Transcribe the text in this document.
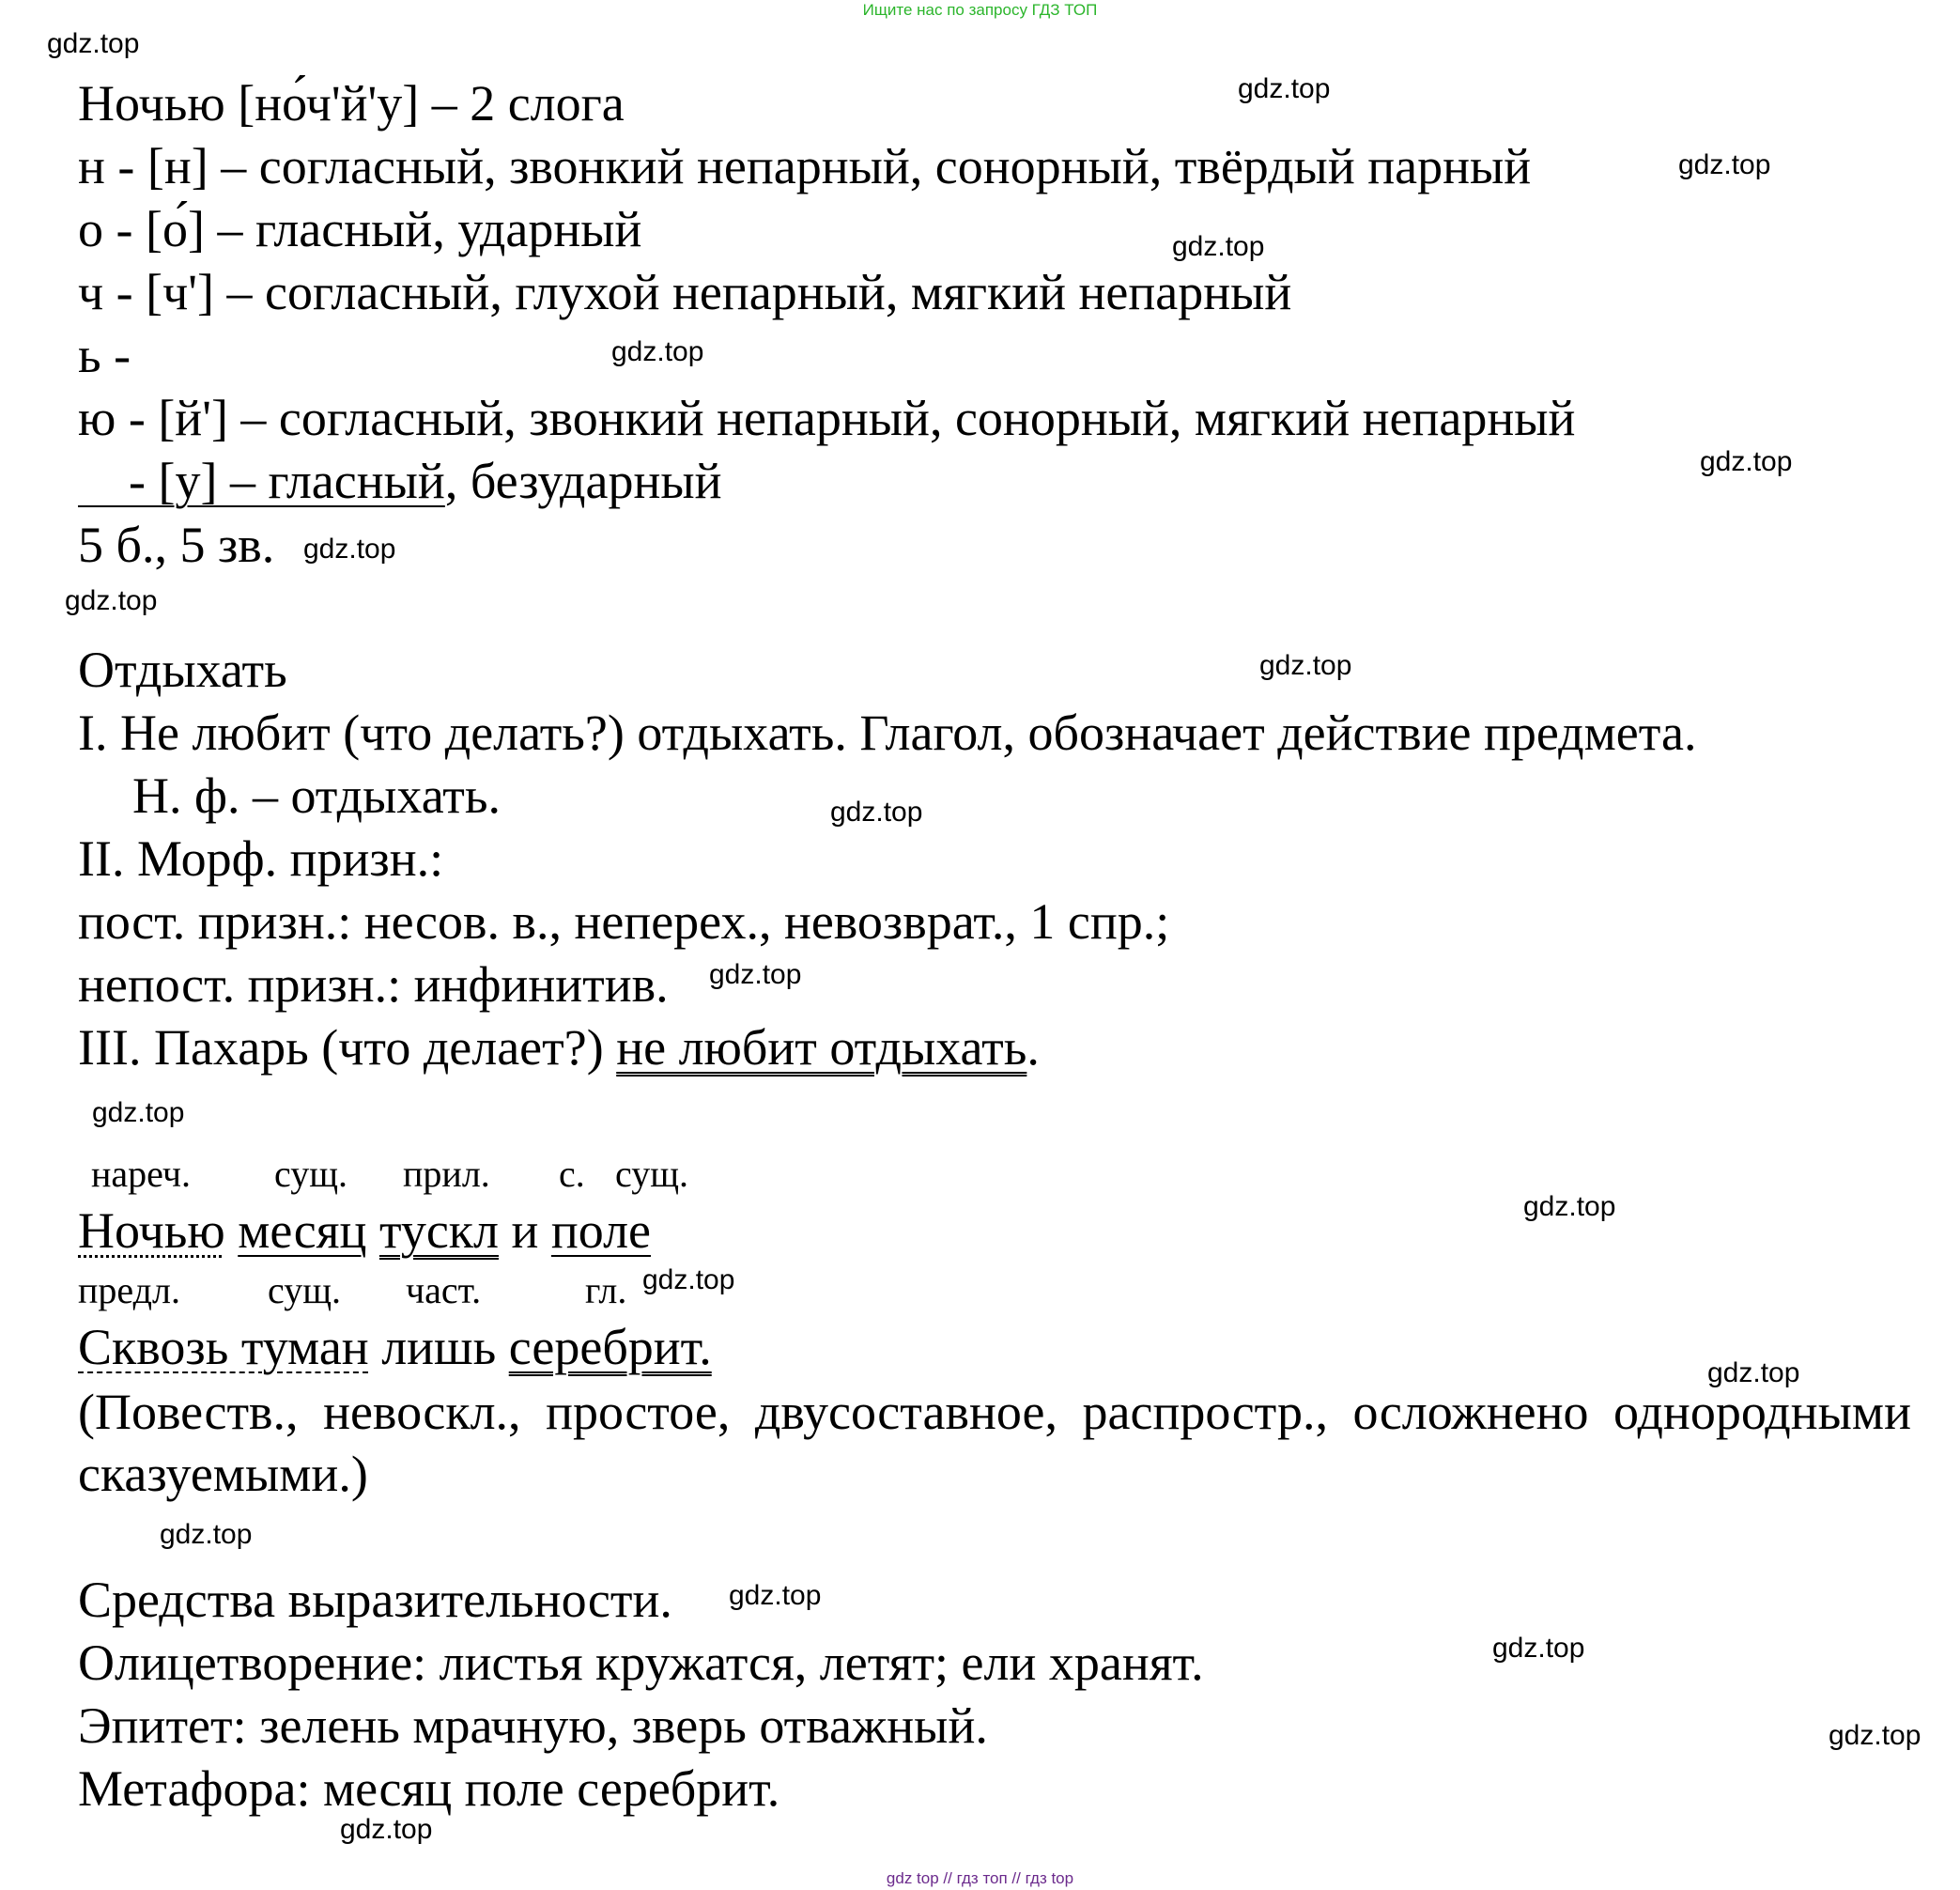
Ищите нас по запросу ГДЗ ТОП
Ночью [но́ч'й'у] – 2 слога
н - [н] – согласный, звонкий непарный, сонорный, твёрдый парный
о - [о́] – гласный, ударный
ч - [ч'] – согласный, глухой непарный, мягкий непарный
ь -
ю - [й'] – согласный, звонкий непарный, сонорный, мягкий непарный
- [у] – гласный, безударный
5 б., 5 зв.
Отдыхать
I. Не любит (что делать?) отдыхать. Глагол, обозначает действие предмета.
Н. ф. – отдыхать.
II. Морф. призн.:
пост. призн.: несов. в., неперех., невозврат., 1 спр.;
непост. призн.: инфинитив.
III. Пахарь (что делает?) не любит отдыхать.
нареч. сущ. прил. с. сущ.
Ночью месяц тускл и поле
предл. сущ. част.	гл.
Сквозь туман лишь серебрит.
(Повеств., невоскл., простое, двусоставное, распростр., осложнено однородными сказуемыми.)
Средства выразительности.
Олицетворение: листья кружатся, летят; ели хранят.
Эпитет: зелень мрачную, зверь отважный.
Метафора: месяц поле серебрит.
gdz.top
gdz.top
gdz.top
gdz.top
gdz.top
gdz.top
gdz.top
gdz.top
gdz.top
gdz.top
gdz.top
gdz.top
gdz.top
gdz.top
gdz.top
gdz.top
gdz.top
gdz.top
gdz.top
gdz.top
gdz top // гдз топ // гдз top
